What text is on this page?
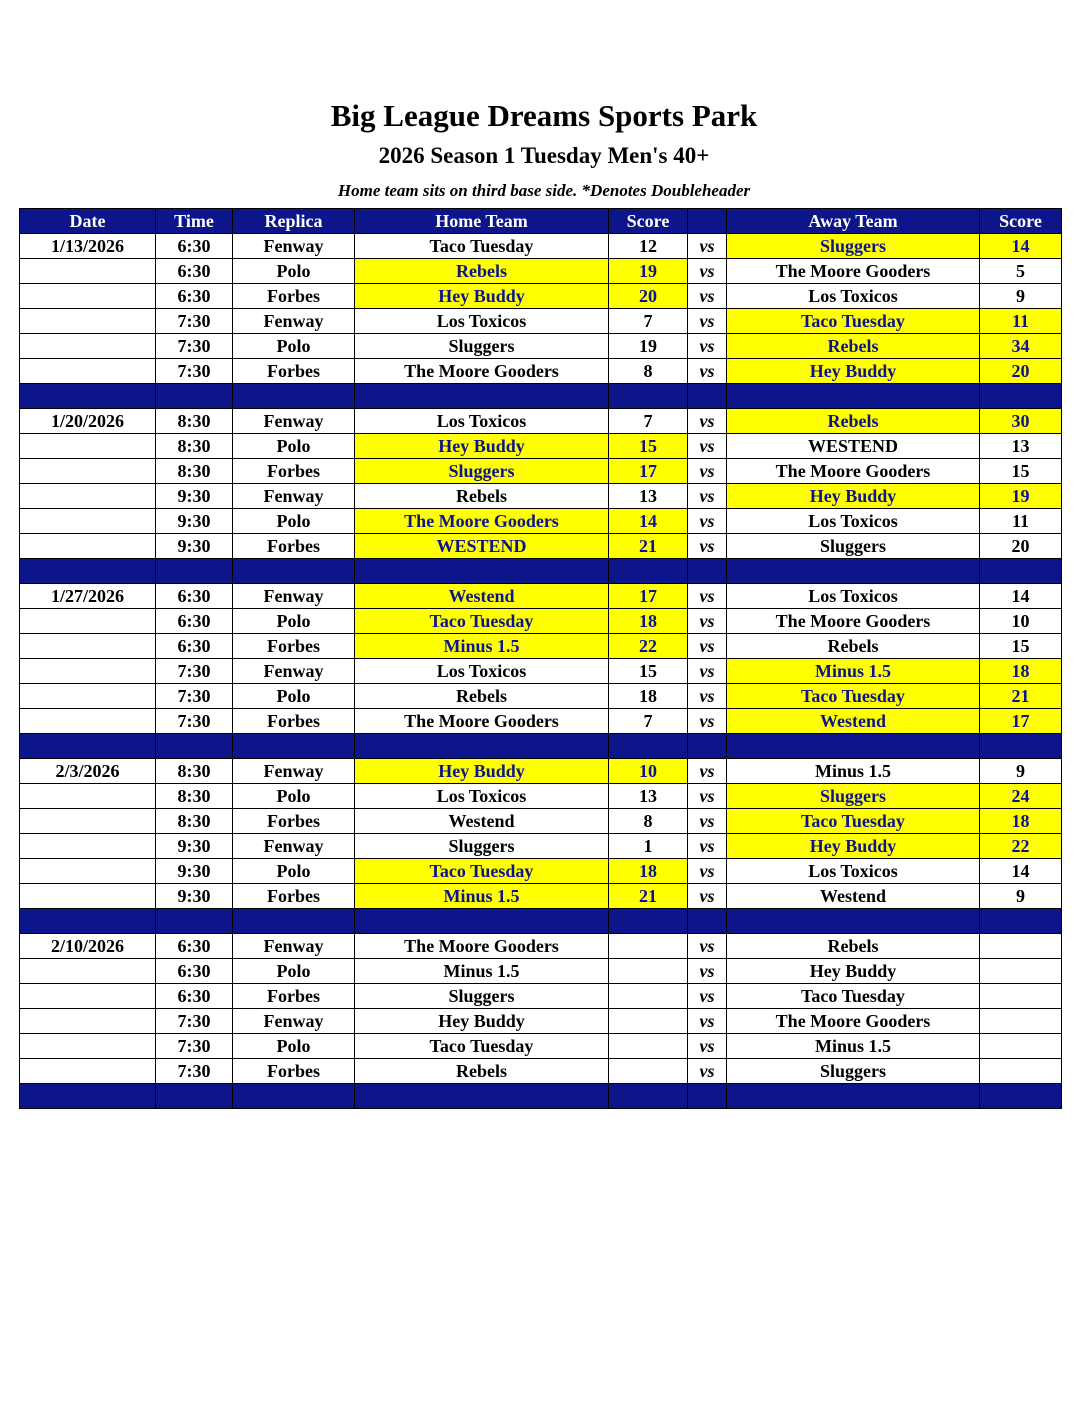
Big League Dreams Sports Park
2026 Season 1 Tuesday Men's 40+
Home team sits on third base side. *Denotes Doubleheader
Date	Time	Replica	Home Team	Score		Away Team	Score
1/13/2026	6:30	Fenway	Taco Tuesday	12	vs	Sluggers	14
	6:30	Polo	Rebels	19	vs	The Moore Gooders	5
	6:30	Forbes	Hey Buddy	20	vs	Los Toxicos	9
	7:30	Fenway	Los Toxicos	7	vs	Taco Tuesday	11
	7:30	Polo	Sluggers	19	vs	Rebels	34
	7:30	Forbes	The Moore Gooders	8	vs	Hey Buddy	20

1/20/2026	8:30	Fenway	Los Toxicos	7	vs	Rebels	30
	8:30	Polo	Hey Buddy	15	vs	WESTEND	13
	8:30	Forbes	Sluggers	17	vs	The Moore Gooders	15
	9:30	Fenway	Rebels	13	vs	Hey Buddy	19
	9:30	Polo	The Moore Gooders	14	vs	Los Toxicos	11
	9:30	Forbes	WESTEND	21	vs	Sluggers	20

1/27/2026	6:30	Fenway	Westend	17	vs	Los Toxicos	14
	6:30	Polo	Taco Tuesday	18	vs	The Moore Gooders	10
	6:30	Forbes	Minus 1.5	22	vs	Rebels	15
	7:30	Fenway	Los Toxicos	15	vs	Minus 1.5	18
	7:30	Polo	Rebels	18	vs	Taco Tuesday	21
	7:30	Forbes	The Moore Gooders	7	vs	Westend	17

2/3/2026	8:30	Fenway	Hey Buddy	10	vs	Minus 1.5	9
	8:30	Polo	Los Toxicos	13	vs	Sluggers	24
	8:30	Forbes	Westend	8	vs	Taco Tuesday	18
	9:30	Fenway	Sluggers	1	vs	Hey Buddy	22
	9:30	Polo	Taco Tuesday	18	vs	Los Toxicos	14
	9:30	Forbes	Minus 1.5	21	vs	Westend	9

2/10/2026	6:30	Fenway	The Moore Gooders		vs	Rebels	
	6:30	Polo	Minus 1.5		vs	Hey Buddy	
	6:30	Forbes	Sluggers		vs	Taco Tuesday	
	7:30	Fenway	Hey Buddy		vs	The Moore Gooders	
	7:30	Polo	Taco Tuesday		vs	Minus 1.5	
	7:30	Forbes	Rebels		vs	Sluggers	
